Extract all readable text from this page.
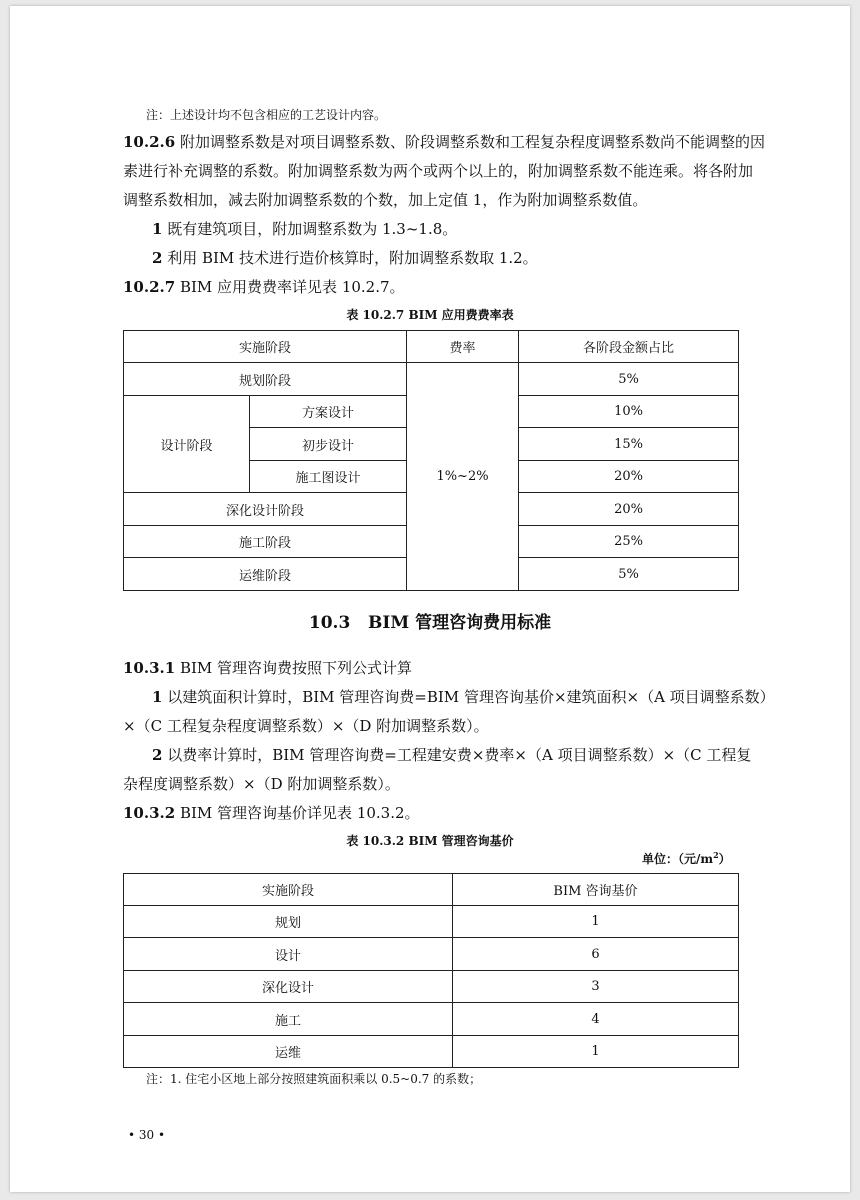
注：上述设计均不包含相应的工艺设计内容。
10.2.6 附加调整系数是对项目调整系数、阶段调整系数和工程复杂程度调整系数尚不能调整的因
素进行补充调整的系数。附加调整系数为两个或两个以上的，附加调整系数不能连乘。将各附加
调整系数相加，减去附加调整系数的个数，加上定值 1，作为附加调整系数值。
1 既有建筑项目，附加调整系数为 1.3~1.8。
2 利用 BIM 技术进行造价核算时，附加调整系数取 1.2。
10.2.7 BIM 应用费费率详见表 10.2.7。
表 10.2.7 BIM 应用费费率表
实施阶段		费率	各阶段金额占比
规划阶段		1%~2%	5%
设计阶段	方案设计		10%
	初步设计		15%
	施工图设计		20%
深化设计阶段			20%
施工阶段			25%
运维阶段			5%
10.3 BIM 管理咨询费用标准
10.3.1 BIM 管理咨询费按照下列公式计算
1 以建筑面积计算时，BIM 管理咨询费=BIM 管理咨询基价×建筑面积×（A 项目调整系数）
×（C 工程复杂程度调整系数）×（D 附加调整系数）。
2 以费率计算时，BIM 管理咨询费=工程建安费×费率×（A 项目调整系数）×（C 工程复
杂程度调整系数）×（D 附加调整系数）。
10.3.2 BIM 管理咨询基价详见表 10.3.2。
表 10.3.2 BIM 管理咨询基价
单位：（元$/m^2$）
实施阶段	BIM 咨询基价
规划	1
设计	6
深化设计	3
施工	4
运维	1
注：1. 住宅小区地上部分按照建筑面积乘以 0.5~0.7 的系数；
• 30 •
